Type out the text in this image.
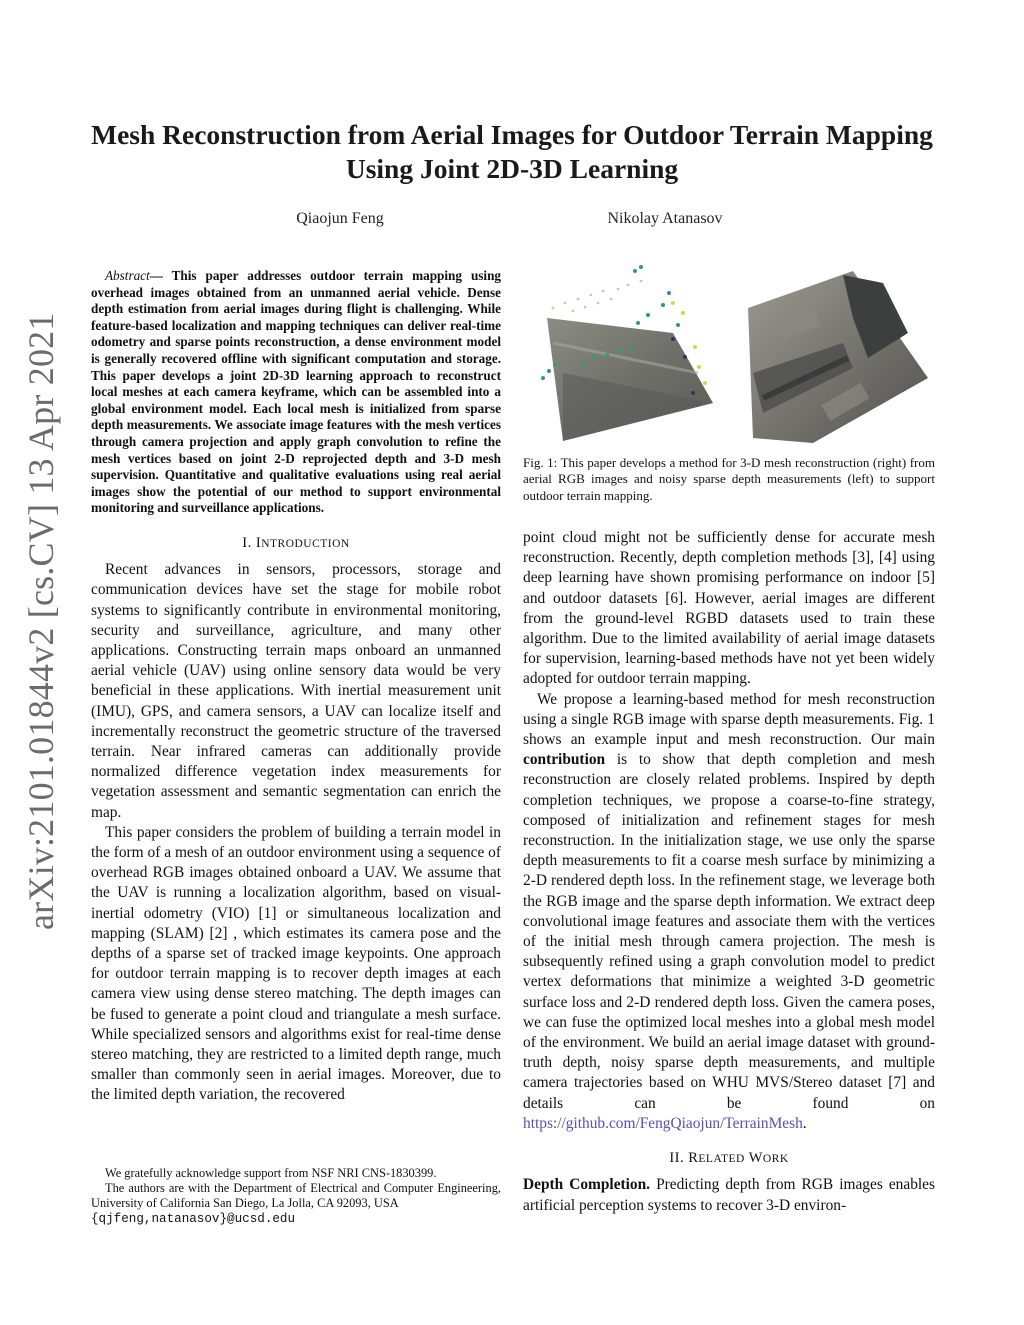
Mesh Reconstruction from Aerial Images for Outdoor Terrain Mapping Using Joint 2D-3D Learning
Qiaojun Feng	Nikolay Atanasov
arXiv:2101.01844v2 [cs.CV] 13 Apr 2021
Abstract— This paper addresses outdoor terrain mapping using overhead images obtained from an unmanned aerial vehicle. Dense depth estimation from aerial images during flight is challenging. While feature-based localization and mapping techniques can deliver real-time odometry and sparse points reconstruction, a dense environment model is generally recovered offline with significant computation and storage. This paper develops a joint 2D-3D learning approach to reconstruct local meshes at each camera keyframe, which can be assembled into a global environment model. Each local mesh is initialized from sparse depth measurements. We associate image features with the mesh vertices through camera projection and apply graph convolution to refine the mesh vertices based on joint 2-D reprojected depth and 3-D mesh supervision. Quantitative and qualitative evaluations using real aerial images show the potential of our method to support environmental monitoring and surveillance applications.
I. INTRODUCTION

Recent advances in sensors, processors, storage and communication devices have set the stage for mobile robot systems to significantly contribute in environmental monitoring, security and surveillance, agriculture, and many other applications. Constructing terrain maps onboard an unmanned aerial vehicle (UAV) using online sensory data would be very beneficial in these applications. With inertial measurement unit (IMU), GPS, and camera sensors, a UAV can localize itself and incrementally reconstruct the geometric structure of the traversed terrain. Near infrared cameras can additionally provide normalized difference vegetation index measurements for vegetation assessment and semantic segmentation can enrich the map.

This paper considers the problem of building a terrain model in the form of a mesh of an outdoor environment using a sequence of overhead RGB images obtained onboard a UAV. We assume that the UAV is running a localization algorithm, based on visual-inertial odometry (VIO) [1] or simultaneous localization and mapping (SLAM) [2] , which estimates its camera pose and the depths of a sparse set of tracked image keypoints. One approach for outdoor terrain mapping is to recover depth images at each camera view using dense stereo matching. The depth images can be fused to generate a point cloud and triangulate a mesh surface. While specialized sensors and algorithms exist for real-time dense stereo matching, they are restricted to a limited depth range, much smaller than commonly seen in aerial images. Moreover, due to the limited depth variation, the recovered

Fig. 1: This paper develops a method for 3-D mesh reconstruction (right) from aerial RGB images and noisy sparse depth measurements (left) to support outdoor terrain mapping.

point cloud might not be sufficiently dense for accurate mesh reconstruction. Recently, depth completion methods [3], [4] using deep learning have shown promising performance on indoor [5] and outdoor datasets [6]. However, aerial images are different from the ground-level RGBD datasets used to train these algorithm. Due to the limited availability of aerial image datasets for supervision, learning-based methods have not yet been widely adopted for outdoor terrain mapping.

We propose a learning-based method for mesh reconstruction using a single RGB image with sparse depth measurements. Fig. 1 shows an example input and mesh reconstruction. Our main contribution is to show that depth completion and mesh reconstruction are closely related problems. Inspired by depth completion techniques, we propose a coarse-to-fine strategy, composed of initialization and refinement stages for mesh reconstruction. In the initialization stage, we use only the sparse depth measurements to fit a coarse mesh surface by minimizing a 2-D rendered depth loss. In the refinement stage, we leverage both the RGB image and the sparse depth information. We extract deep convolutional image features and associate them with the vertices of the initial mesh through camera projection. The mesh is subsequently refined using a graph convolution model to predict vertex deformations that minimize a weighted 3-D geometric surface loss and 2-D rendered depth loss. Given the camera poses, we can fuse the optimized local meshes into a global mesh model of the environment. We build an aerial image dataset with ground-truth depth, noisy sparse depth measurements, and multiple camera trajectories based on WHU MVS/Stereo dataset [7] and details can be found on https://github.com/FengQiaojun/TerrainMesh.

II. RELATED WORK

Depth Completion. Predicting depth from RGB images enables artificial perception systems to recover 3-D environ-

We gratefully acknowledge support from NSF NRI CNS-1830399.

The authors are with the Department of Electrical and Computer Engineering, University of California San Diego, La Jolla, CA 92093, USA

{qjfeng,natanasov}@ucsd.edu
